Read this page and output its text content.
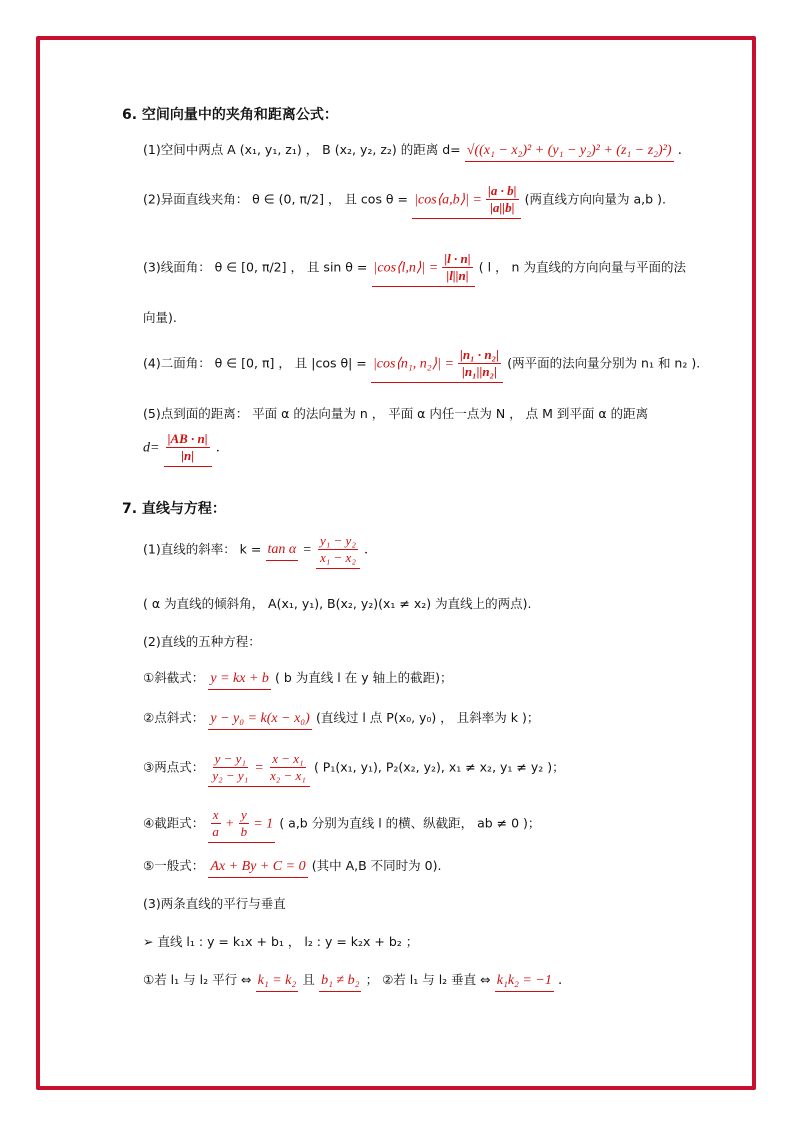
6. 空间向量中的夹角和距离公式：
(1)空间中两点 A (x₁, y₁, z₁) ， B (x₂, y₂, z₂) 的距离 d= √((x₁ − x₂)² + (y₁ − y₂)² + (z₁ − z₂)²) .
(2)异面直线夹角： θ ∈ (0, π/2] ， 且 cos θ = |cos⟨a,b⟩| = $\frac{|a \cdot b|}{|a||b|}$ (两直线方向向量为 a,b ).
(3)线面角： θ ∈ [0, π/2] ， 且 sin θ = |cos⟨l,n⟩| = $\frac{|l \cdot n|}{|l||n|}$ ( l ， n 为直线的方向向量与平面的法
向量).
(4)二面角： θ ∈ [0, π] ， 且 |cos θ| = |cos⟨n₁, n₂⟩| = $\frac{\text{|n₁ · n₂|}}{\text{|n₁||n₂|}}$ (两平面的法向量分别为 n₁ 和 n₂ ).
(5)点到面的距离： 平面 α 的法向量为 n ， 平面 α 内任一点为 N ， 点 M 到平面 α 的距离
$d= \frac{|AB \cdot n|}{|n|}$ .
7. 直线与方程：
(1)直线的斜率： $k = \tan \alpha = \frac{\text{y₁ − y₂}}{\text{x₁ − x₂}}$ .
( α 为直线的倾斜角， A(x₁, y₁), B(x₂, y₂)(x₁ ≠ x₂) 为直线上的两点).
(2)直线的五种方程：
①斜截式： y = kx + b ( b 为直线 l 在 y 轴上的截距)；
②点斜式： y − y₀ = k(x − x₀) (直线过 l 点 P(x₀, y₀) ， 且斜率为 k )；
③两点式： $\frac{\text{y − y₁}}{\text{y₂ − y₁}} = \frac{\text{x − x₁}}{\text{x₂ − x₁}}$ ( P₁(x₁, y₁), P₂(x₂, y₂), x₁ ≠ x₂, y₁ ≠ y₂ )；
④截距式： $\frac{x}{a} + \frac{y}{b} = 1$ ( a,b 分别为直线 l 的横、纵截距， ab ≠ 0 )；
⑤一般式： Ax + By + C = 0 (其中 A,B 不同时为 0).
(3)两条直线的平行与垂直
➢ 直线 l₁ : y = k₁x + b₁ ， l₂ : y = k₂x + b₂ ；
①若 l₁ 与 l₂ 平行 ⇔ k₁ = k₂ 且 b₁ ≠ b₂ ； ②若 l₁ 与 l₂ 垂直 ⇔ k₁k₂ = −1 .
